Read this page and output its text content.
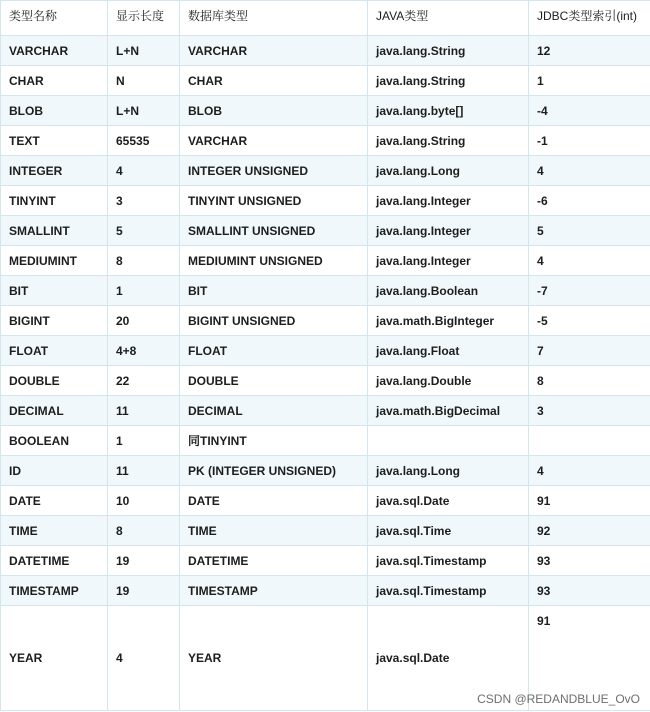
类型名称	显示长度	数据库类型	JAVA类型	JDBC类型索引(int)
VARCHAR	L+N	VARCHAR	java.lang.String	12
CHAR	N	CHAR	java.lang.String	1
BLOB	L+N	BLOB	java.lang.byte[]	-4
TEXT	65535	VARCHAR	java.lang.String	-1
INTEGER	4	INTEGER UNSIGNED	java.lang.Long	4
TINYINT	3	TINYINT UNSIGNED	java.lang.Integer	-6
SMALLINT	5	SMALLINT UNSIGNED	java.lang.Integer	5
MEDIUMINT	8	MEDIUMINT UNSIGNED	java.lang.Integer	4
BIT	1	BIT	java.lang.Boolean	-7
BIGINT	20	BIGINT UNSIGNED	java.math.BigInteger	-5
FLOAT	4+8	FLOAT	java.lang.Float	7
DOUBLE	22	DOUBLE	java.lang.Double	8
DECIMAL	11	DECIMAL	java.math.BigDecimal	3
BOOLEAN	1	同TINYINT		
ID	11	PK (INTEGER UNSIGNED)	java.lang.Long	4
DATE	10	DATE	java.sql.Date	91
TIME	8	TIME	java.sql.Time	92
DATETIME	19	DATETIME	java.sql.Timestamp	93
TIMESTAMP	19	TIMESTAMP	java.sql.Timestamp	93
YEAR	4	YEAR	java.sql.Date	91
CSDN @REDANDBLUE_OvO
